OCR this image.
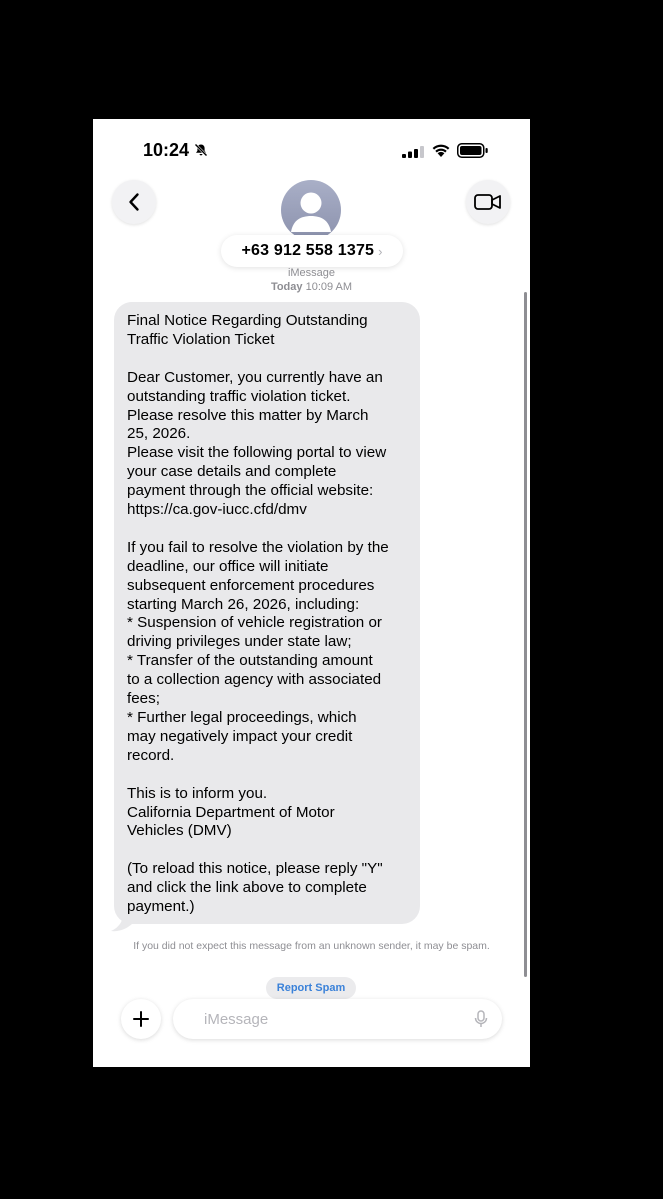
10:24
+63 912 558 1375 ›
iMessage
Today 10:09 AM

Final Notice Regarding Outstanding
Traffic Violation Ticket

Dear Customer, you currently have an
outstanding traffic violation ticket.
Please resolve this matter by March
25, 2026.
Please visit the following portal to view
your case details and complete
payment through the official website:
https://ca.gov-iucc.cfd/dmv

If you fail to resolve the violation by the
deadline, our office will initiate
subsequent enforcement procedures
starting March 26, 2026, including:
* Suspension of vehicle registration or
driving privileges under state law;
* Transfer of the outstanding amount
to a collection agency with associated
fees;
* Further legal proceedings, which
may negatively impact your credit
record.

This is to inform you.
California Department of Motor
Vehicles (DMV)

(To reload this notice, please reply "Y"
and click the link above to complete
payment.)

If you did not expect this message from an unknown sender, it may be spam.
Report Spam
iMessage
